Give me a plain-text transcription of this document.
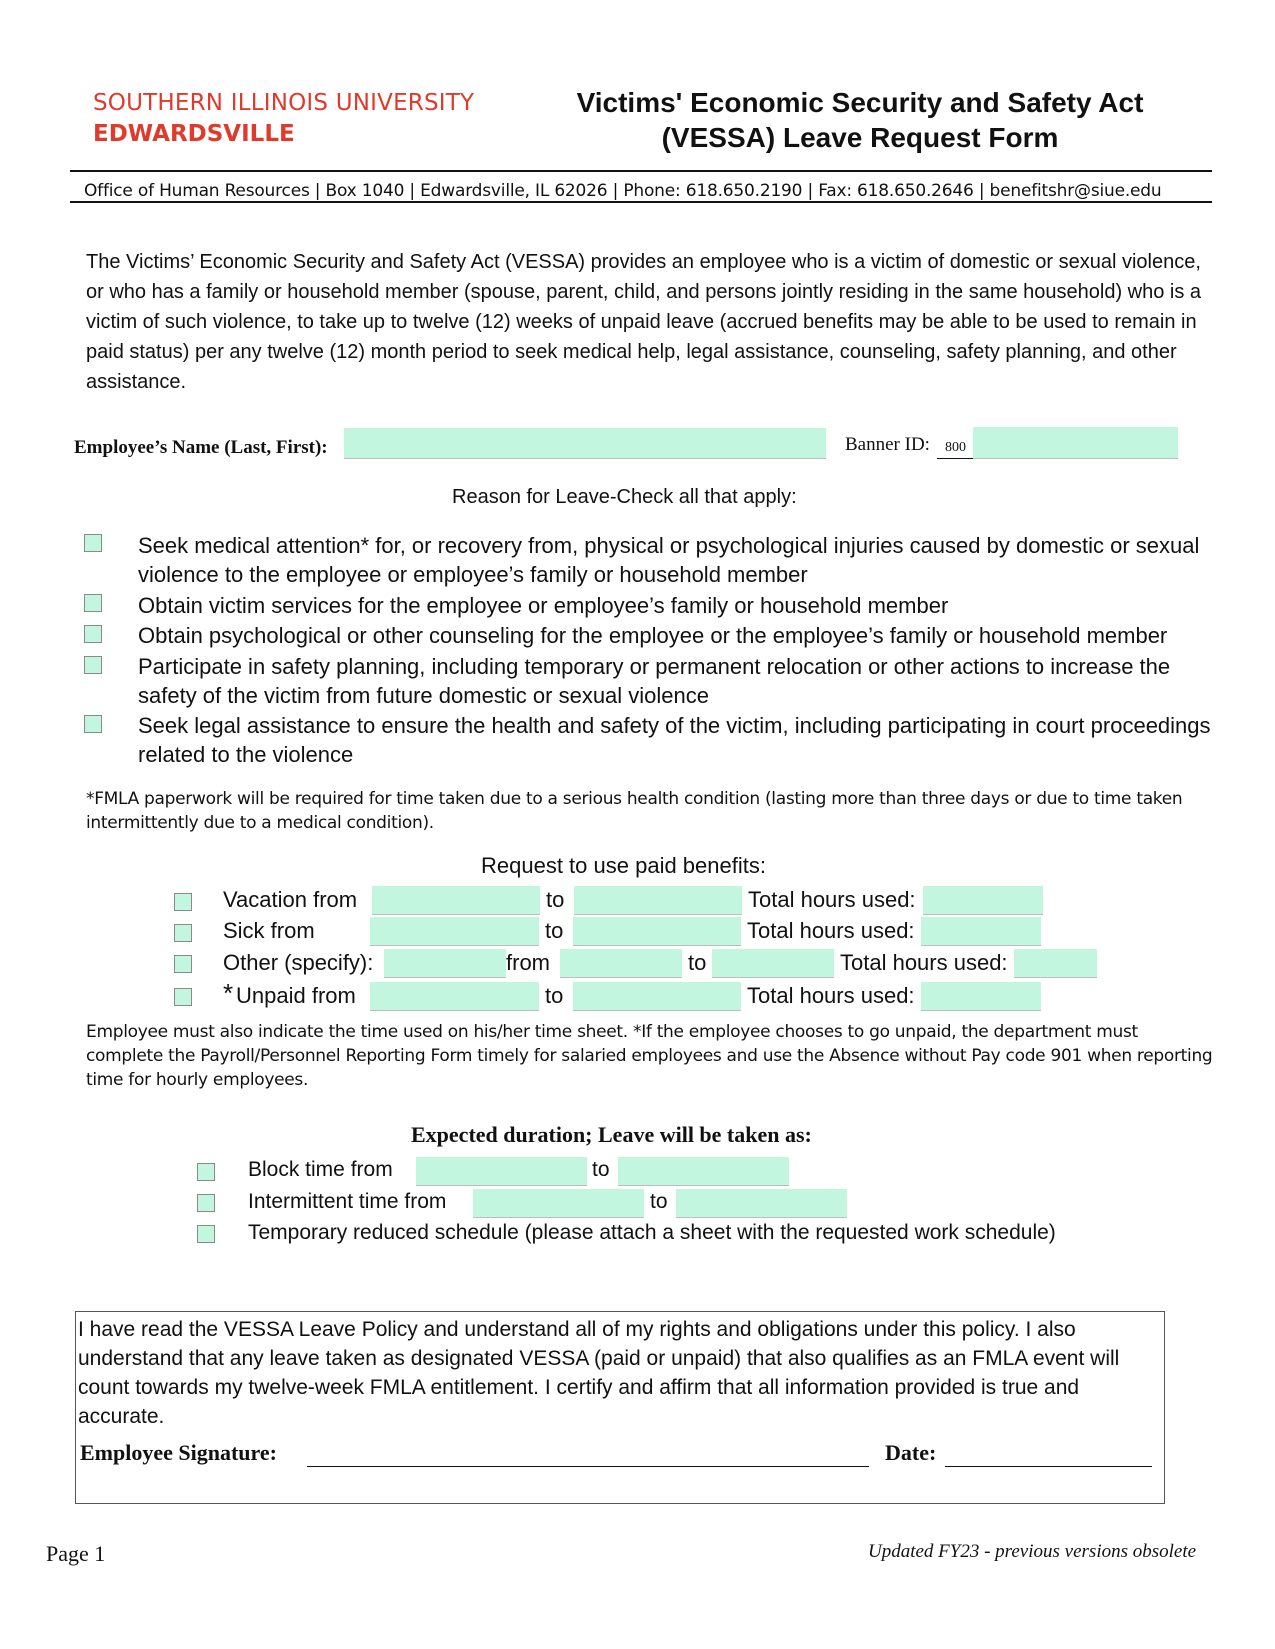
SOUTHERN ILLINOIS UNIVERSITY
EDWARDSVILLE
Victims' Economic Security and Safety Act
(VESSA) Leave Request Form
Office of Human Resources | Box 1040 | Edwardsville, IL 62026 | Phone: 618.650.2190 | Fax: 618.650.2646 | benefitshr@siue.edu
The Victims’ Economic Security and Safety Act (VESSA) provides an employee who is a victim of domestic or sexual violence, or who has a family or household member (spouse, parent, child, and persons jointly residing in the same household) who is a victim of such violence, to take up to twelve (12) weeks of unpaid leave (accrued benefits may be able to be used to remain in paid status) per any twelve (12) month period to seek medical help, legal assistance, counseling, safety planning, and other assistance.
Employee’s Name (Last, First):	Banner ID: 800
Reason for Leave-Check all that apply:
Seek medical attention* for, or recovery from, physical or psychological injuries caused by domestic or sexual violence to the employee or employee’s family or household member
Obtain victim services for the employee or employee’s family or household member
Obtain psychological or other counseling for the employee or the employee’s family or household member
Participate in safety planning, including temporary or permanent relocation or other actions to increase the safety of the victim from future domestic or sexual violence
Seek legal assistance to ensure the health and safety of the victim, including participating in court proceedings related to the violence
*FMLA paperwork will be required for time taken due to a serious health condition (lasting more than three days or due to time taken intermittently due to a medical condition).
Request to use paid benefits:
Vacation from	to	Total hours used:
Sick from	to	Total hours used:
Other (specify):	from	to	Total hours used:
* Unpaid from	to	Total hours used:
Employee must also indicate the time used on his/her time sheet. *If the employee chooses to go unpaid, the department must complete the Payroll/Personnel Reporting Form timely for salaried employees and use the Absence without Pay code 901 when reporting time for hourly employees.
Expected duration; Leave will be taken as:
Block time from	to
Intermittent time from	to
Temporary reduced schedule (please attach a sheet with the requested work schedule)
I have read the VESSA Leave Policy and understand all of my rights and obligations under this policy. I also understand that any leave taken as designated VESSA (paid or unpaid) that also qualifies as an FMLA event will count towards my twelve-week FMLA entitlement. I certify and affirm that all information provided is true and accurate.
Employee Signature:	Date:
Page 1	Updated FY23 - previous versions obsolete
